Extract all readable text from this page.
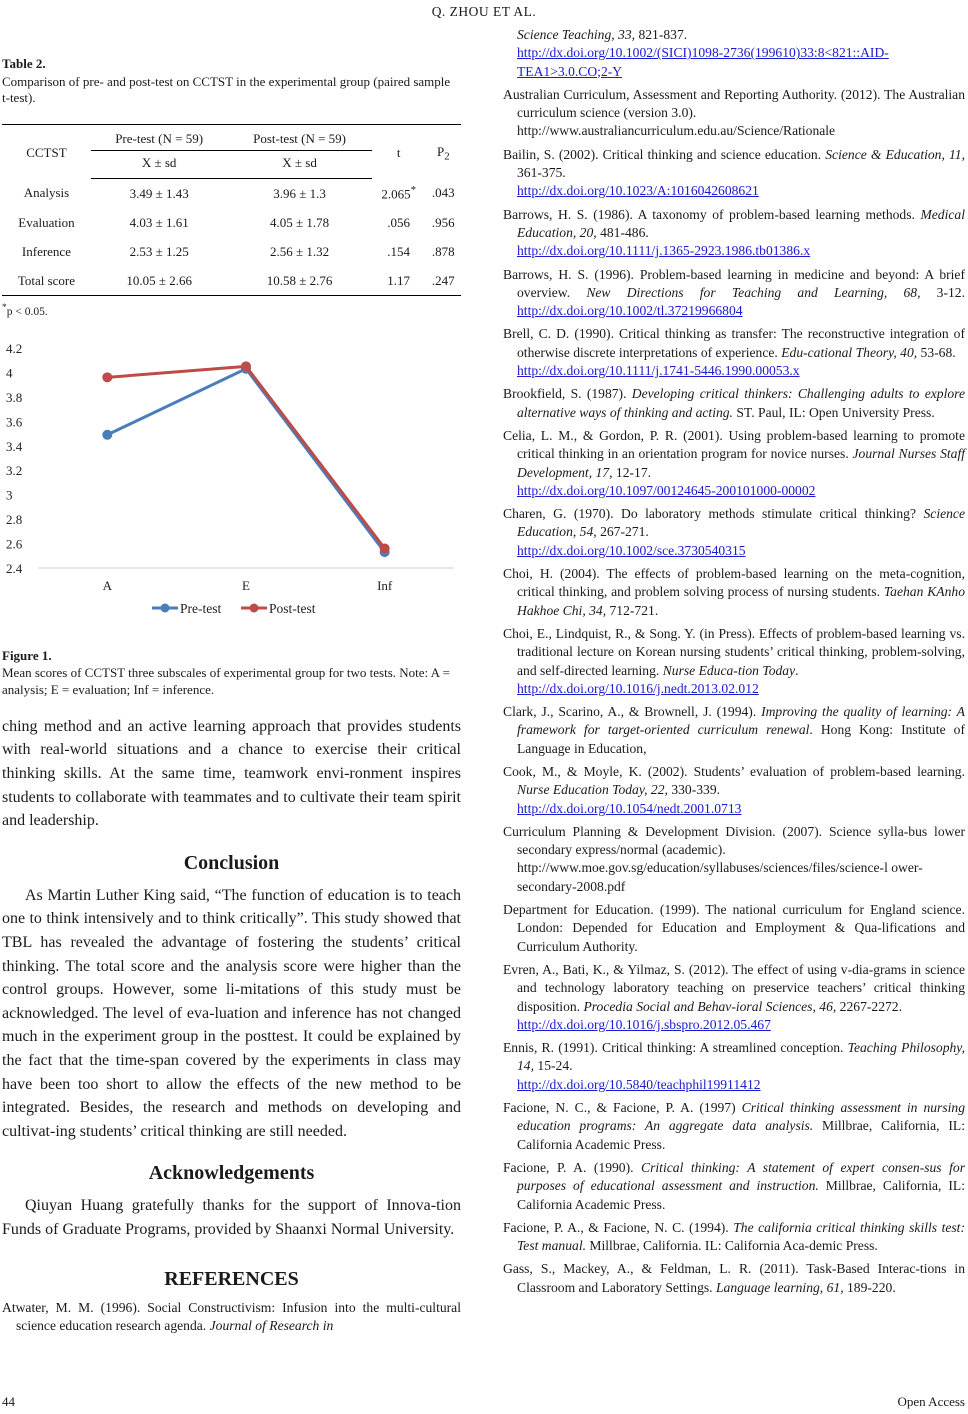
Q. ZHOU ET AL.

Table 2.

Comparison of pre- and post-test on CCTST in the experimental group (paired sample t-test).

CCTST	Pre-test (N = 59)	Post-test (N = 59)	t	$P_2$
	X ± sd	X ± sd		
Analysis	3.49 ± 1.43	3.96 ± 1.3	2.065*	.043
Evaluation	4.03 ± 1.61	4.05 ± 1.78	.056	.956
Inference	2.53 ± 1.25	2.56 ± 1.32	.154	.878
Total score	10.05 ± 2.66	10.58 ± 2.76	1.17	.247
*p < 0.05.
2.4
2.6
2.8
3
3.2
3.4
3.6
3.8
4
4.2
A	E	Inf
Pre-test	Post-test
Figure 1.
Mean scores of CCTST three subscales of experimental group for two tests. Note: A = analysis; E = evaluation; Inf = inference.

ching method and an active learning approach that provides students with real-world situations and a chance to exercise their critical thinking skills. At the same time, teamwork envi-ronment inspires students to collaborate with teammates and to cultivate their team spirit and leadership.

Conclusion

As Martin Luther King said, “The function of education is to teach one to think intensively and to think critically”. This study showed that TBL has revealed the advantage of fostering the students’ critical thinking. The total score and the analysis score were higher than the control groups. However, some li-mitations of this study must be acknowledged. The level of eva-luation and inference has not changed much in the experiment group in the posttest. It could be explained by the fact that the time-span covered by the experiments in class may have been too short to allow the effects of the new method to be integrated. Besides, the research and methods on developing and cultivat-ing students’ critical thinking are still needed.

Acknowledgements

Qiuyan Huang gratefully thanks for the support of Innova-tion Funds of Graduate Programs, provided by Shaanxi Normal University.

REFERENCES

Atwater, M. M. (1996). Social Constructivism: Infusion into the multi-cultural science education research agenda. Journal of Research in

Science Teaching, 33, 821-837.
http://dx.doi.org/10.1002/(SICI)1098-2736(199610)33:8<821::AID-TEA1>3.0.CO;2-Y

Australian Curriculum, Assessment and Reporting Authority. (2012). The Australian curriculum science (version 3.0).
http://www.australiancurriculum.edu.au/Science/Rationale

Bailin, S. (2002). Critical thinking and science education. Science & Education, 11, 361-375.
http://dx.doi.org/10.1023/A:1016042608621

Barrows, H. S. (1986). A taxonomy of problem-based learning methods. Medical Education, 20, 481-486.
http://dx.doi.org/10.1111/j.1365-2923.1986.tb01386.x

Barrows, H. S. (1996). Problem-based learning in medicine and beyond: A brief overview. New Directions for Teaching and Learning, 68, 3-12. http://dx.doi.org/10.1002/tl.37219966804

Brell, C. D. (1990). Critical thinking as transfer: The reconstructive integration of otherwise discrete interpretations of experience. Edu-cational Theory, 40, 53-68.
http://dx.doi.org/10.1111/j.1741-5446.1990.00053.x

Brookfield, S. (1987). Developing critical thinkers: Challenging adults to explore alternative ways of thinking and acting. ST. Paul, IL: Open University Press.

Celia, L. M., & Gordon, P. R. (2001). Using problem-based learning to promote critical thinking in an orientation program for novice nurses. Journal Nurses Staff Development, 17, 12-17.
http://dx.doi.org/10.1097/00124645-200101000-00002

Charen, G. (1970). Do laboratory methods stimulate critical thinking? Science Education, 54, 267-271.
http://dx.doi.org/10.1002/sce.3730540315

Choi, H. (2004). The effects of problem-based learning on the meta-cognition, critical thinking, and problem solving process of nursing students. Taehan KAnho Hakhoe Chi, 34, 712-721.

Choi, E., Lindquist, R., & Song. Y. (in Press). Effects of problem-based learning vs. traditional lecture on Korean nursing students’ critical thinking, problem-solving, and self-directed learning. Nurse Educa-tion Today.
http://dx.doi.org/10.1016/j.nedt.2013.02.012

Clark, J., Scarino, A., & Brownell, J. (1994). Improving the quality of learning: A framework for target-oriented curriculum renewal. Hong Kong: Institute of Language in Education,

Cook, M., & Moyle, K. (2002). Students’ evaluation of problem-based learning. Nurse Education Today, 22, 330-339.
http://dx.doi.org/10.1054/nedt.2001.0713

Curriculum Planning & Development Division. (2007). Science sylla-bus lower secondary express/normal (academic).
http://www.moe.gov.sg/education/syllabuses/sciences/files/science-l ower-secondary-2008.pdf

Department for Education. (1999). The national curriculum for England science. London: Depended for Education and Employment & Qua-lifications and Curriculum Authority.

Evren, A., Bati, K., & Yilmaz, S. (2012). The effect of using v-dia-grams in science and technology laboratory teaching on preservice teachers’ critical thinking disposition. Procedia Social and Behav-ioral Sciences, 46, 2267-2272.
http://dx.doi.org/10.1016/j.sbspro.2012.05.467

Ennis, R. (1991). Critical thinking: A streamlined conception. Teaching Philosophy, 14, 15-24.
http://dx.doi.org/10.5840/teachphil19911412

Facione, N. C., & Facione, P. A. (1997) Critical thinking assessment in nursing education programs: An aggregate data analysis. Millbrae, California, IL: California Academic Press.

Facione, P. A. (1990). Critical thinking: A statement of expert consen-sus for purposes of educational assessment and instruction. Millbrae, California, IL: California Academic Press.

Facione, P. A., & Facione, N. C. (1994). The california critical thinking skills test: Test manual. Millbrae, California. IL: California Aca-demic Press.

Gass, S., Mackey, A., & Feldman, L. R. (2011). Task-Based Interac-tions in Classroom and Laboratory Settings. Language learning, 61, 189-220.

44	Open Access
